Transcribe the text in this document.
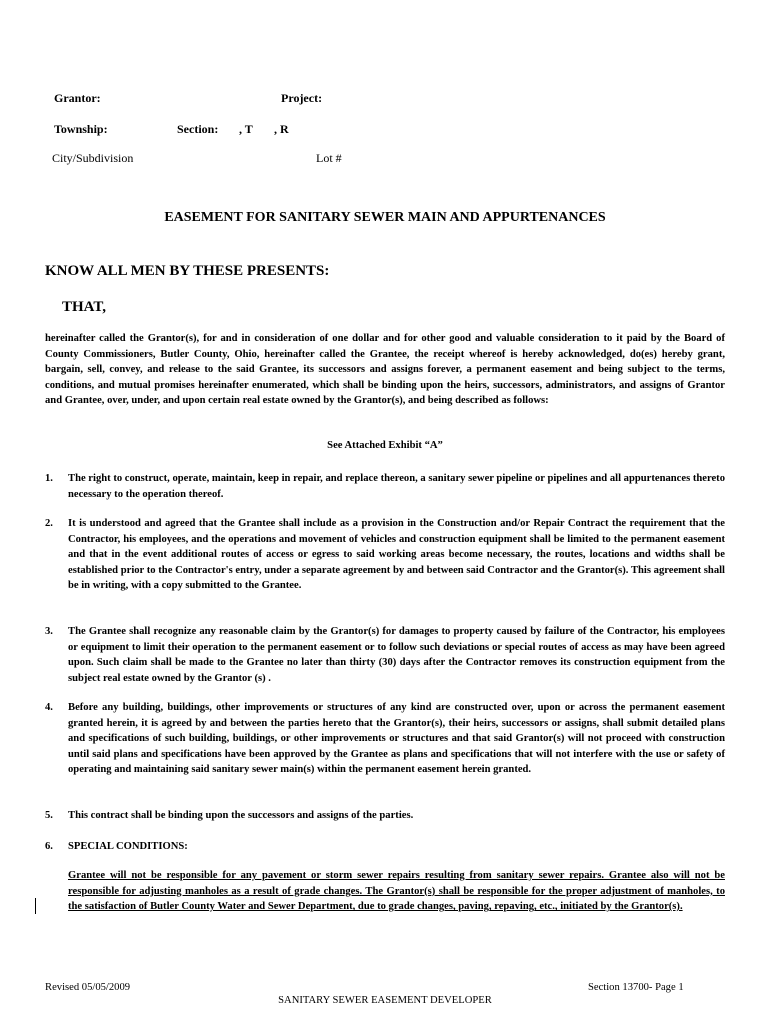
Grantor:	Project:
Township:	Section: , T , R
City/Subdivision	Lot #
EASEMENT FOR SANITARY SEWER MAIN AND APPURTENANCES
KNOW ALL MEN BY THESE PRESENTS:
THAT,
hereinafter called the Grantor(s), for and in consideration of one dollar and for other good and valuable consideration to it paid by the Board of County Commissioners, Butler County, Ohio, hereinafter called the Grantee, the receipt whereof is hereby acknowledged, do(es) hereby grant, bargain, sell, convey, and release to the said Grantee, its successors and assigns forever, a permanent easement and being subject to the terms, conditions, and mutual promises hereinafter enumerated, which shall be binding upon the heirs, successors, administrators, and assigns of Grantor and Grantee, over, under, and upon certain real estate owned by the Grantor(s), and being described as follows:
See Attached Exhibit “A”
1.	The right to construct, operate, maintain, keep in repair, and replace thereon, a sanitary sewer pipeline or pipelines and all appurtenances thereto necessary to the operation thereof.
2.	It is understood and agreed that the Grantee shall include as a provision in the Construction and/or Repair Contract the requirement that the Contractor, his employees, and the operations and movement of vehicles and construction equipment shall be limited to the permanent easement and that in the event additional routes of access or egress to said working areas become necessary, the routes, locations and widths shall be established prior to the Contractor's entry, under a separate agreement by and between said Contractor and the Grantor(s). This agreement shall be in writing, with a copy submitted to the Grantee.
3.	The Grantee shall recognize any reasonable claim by the Grantor(s) for damages to property caused by failure of the Contractor, his employees or equipment to limit their operation to the permanent easement or to follow such deviations or special routes of access as may have been agreed upon. Such claim shall be made to the Grantee no later than thirty (30) days after the Contractor removes its construction equipment from the subject real estate owned by the Grantor (s) .
4.	Before any building, buildings, other improvements or structures of any kind are constructed over, upon or across the permanent easement granted herein, it is agreed by and between the parties hereto that the Grantor(s), their heirs, successors or assigns, shall submit detailed plans and specifications of such building, buildings, or other improvements or structures and that said Grantor(s) will not proceed with construction until said plans and specifications have been approved by the Grantee as plans and specifications that will not interfere with the use or safety of operating and maintaining said sanitary sewer main(s) within the permanent easement herein granted.
5.	This contract shall be binding upon the successors and assigns of the parties.
6.	SPECIAL CONDITIONS:
Grantee will not be responsible for any pavement or storm sewer repairs resulting from sanitary sewer repairs. Grantee also will not be responsible for adjusting manholes as a result of grade changes. The Grantor(s) shall be responsible for the proper adjustment of manholes, to the satisfaction of Butler County Water and Sewer Department, due to grade changes, paving, repaving, etc., initiated by the Grantor(s).
Revised 05/05/2009	Section 13700- Page 1
SANITARY SEWER EASEMENT DEVELOPER
